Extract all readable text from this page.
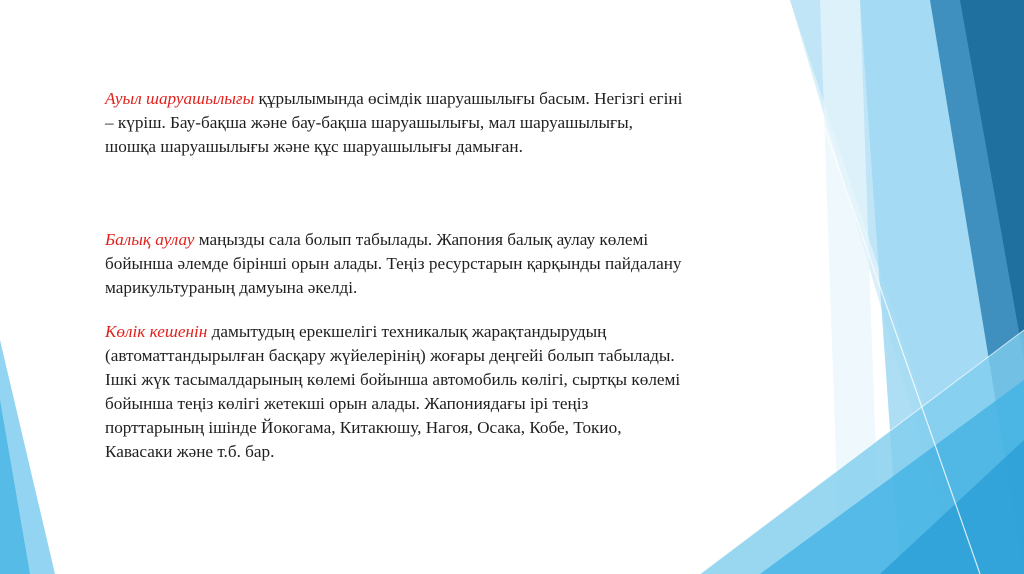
Ауыл шаруашылығы құрылымында өсімдік шаруашылығы басым. Негізгі егіні – күріш. Бау-бақша және бау-бақша шаруашылығы, мал шаруашылығы, шошқа шаруашылығы және құс шаруашылығы дамыған.

Балық аулау маңызды сала болып табылады. Жапония балық аулау көлемі бойынша әлемде бірінші орын алады. Теңіз ресурстарын қарқынды пайдалану марикультураның дамуына әкелді.

Көлік кешенін дамытудың ерекшелігі техникалық жарақтандырудың (автоматтандырылған басқару жүйелерінің) жоғары деңгейі болып табылады. Ішкі жүк тасымалдарының көлемі бойынша автомобиль көлігі, сыртқы көлемі бойынша теңіз көлігі жетекші орын алады. Жапониядағы ірі теңіз порттарының ішінде Йокогама, Китакюшу, Нагоя, Осака, Кобе, Токио, Кавасаки және т.б. бар.
